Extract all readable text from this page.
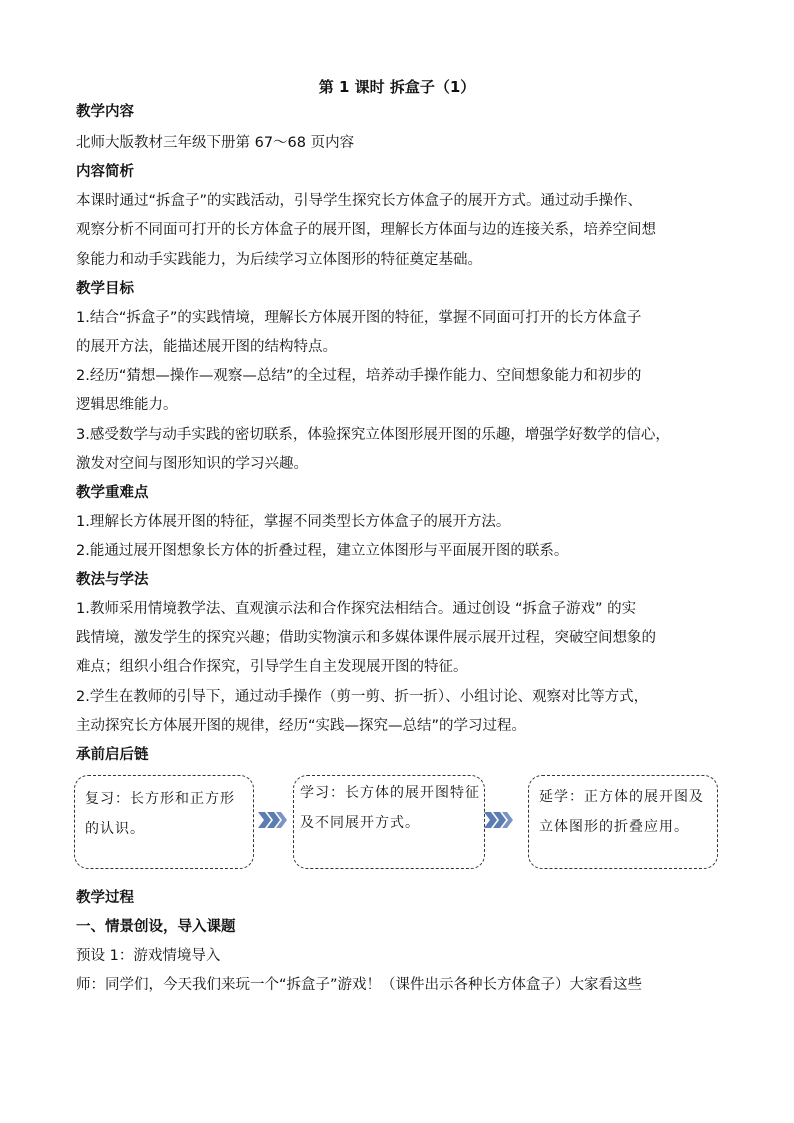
第 1 课时 拆盒子（1）
教学内容
北师大版教材三年级下册第 67～68 页内容
内容简析
本课时通过“拆盒子”的实践活动，引导学生探究长方体盒子的展开方式。通过动手操作、
观察分析不同面可打开的长方体盒子的展开图，理解长方体面与边的连接关系，培养空间想
象能力和动手实践能力，为后续学习立体图形的特征奠定基础。
教学目标
1.结合“拆盒子”的实践情境，理解长方体展开图的特征，掌握不同面可打开的长方体盒子
的展开方法，能描述展开图的结构特点。
2.经历“猜想—操作—观察—总结”的全过程，培养动手操作能力、空间想象能力和初步的
逻辑思维能力。
3.感受数学与动手实践的密切联系，体验探究立体图形展开图的乐趣，增强学好数学的信心，
激发对空间与图形知识的学习兴趣。
教学重难点
1.理解长方体展开图的特征，掌握不同类型长方体盒子的展开方法。
2.能通过展开图想象长方体的折叠过程，建立立体图形与平面展开图的联系。
教法与学法
1.教师采用情境教学法、直观演示法和合作探究法相结合。通过创设 “拆盒子游戏” 的实
践情境，激发学生的探究兴趣；借助实物演示和多媒体课件展示展开过程，突破空间想象的
难点；组织小组合作探究，引导学生自主发现展开图的特征。
2.学生在教师的引导下，通过动手操作（剪一剪、折一折）、小组讨论、观察对比等方式，
主动探究长方体展开图的规律，经历“实践—探究—总结”的学习过程。
承前启后链
复习：长方形和正方形的认识。
学习：长方体的展开图特征及不同展开方式。
延学：正方体的展开图及立体图形的折叠应用。
教学过程
一、情景创设，导入课题
预设 1：游戏情境导入
师：同学们，今天我们来玩一个“拆盒子”游戏！（课件出示各种长方体盒子）大家看这些
